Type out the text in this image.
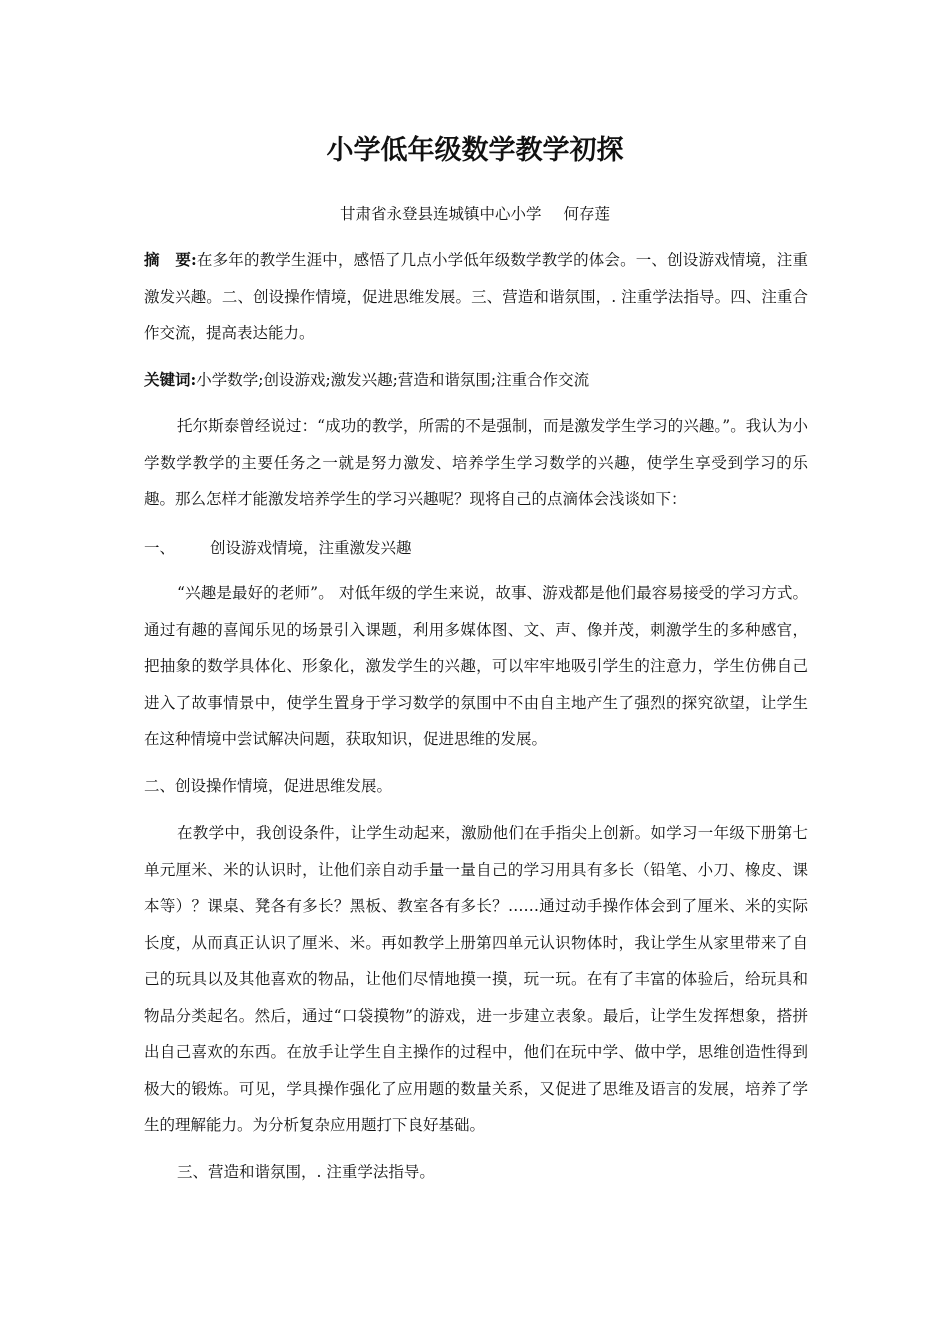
小学低年级数学教学初探
甘肃省永登县连城镇中心小学 何存莲
摘　要:在多年的教学生涯中，感悟了几点小学低年级数学教学的体会。一、创设游戏情境，注重激发兴趣。二、创设操作情境，促进思维发展。三、营造和谐氛围，. 注重学法指导。四、注重合作交流，提高表达能力。
关键词:小学数学;创设游戏;激发兴趣;营造和谐氛围;注重合作交流
托尔斯泰曾经说过：“成功的教学，所需的不是强制，而是激发学生学习的兴趣。”。我认为小学数学教学的主要任务之一就是努力激发、培养学生学习数学的兴趣，使学生享受到学习的乐趣。那么怎样才能激发培养学生的学习兴趣呢？现将自己的点滴体会浅谈如下：
一、 创设游戏情境，注重激发兴趣
“兴趣是最好的老师”。 对低年级的学生来说，故事、游戏都是他们最容易接受的学习方式。通过有趣的喜闻乐见的场景引入课题，利用多媒体图、文、声、像并茂，刺激学生的多种感官，把抽象的数学具体化、形象化，激发学生的兴趣，可以牢牢地吸引学生的注意力，学生仿佛自己进入了故事情景中，使学生置身于学习数学的氛围中不由自主地产生了强烈的探究欲望，让学生在这种情境中尝试解决问题，获取知识，促进思维的发展。
二、创设操作情境，促进思维发展。
在教学中，我创设条件，让学生动起来，激励他们在手指尖上创新。如学习一年级下册第七单元厘米、米的认识时，让他们亲自动手量一量自己的学习用具有多长（铅笔、小刀、橡皮、课本等）？课桌、凳各有多长？黑板、教室各有多长？……通过动手操作体会到了厘米、米的实际长度，从而真正认识了厘米、米。再如教学上册第四单元认识物体时，我让学生从家里带来了自己的玩具以及其他喜欢的物品，让他们尽情地摸一摸，玩一玩。在有了丰富的体验后，给玩具和物品分类起名。然后，通过“口袋摸物”的游戏，进一步建立表象。最后，让学生发挥想象，搭拼出自己喜欢的东西。在放手让学生自主操作的过程中，他们在玩中学、做中学，思维创造性得到极大的锻炼。可见，学具操作强化了应用题的数量关系，又促进了思维及语言的发展，培养了学生的理解能力。为分析复杂应用题打下良好基础。
三、营造和谐氛围，. 注重学法指导。
